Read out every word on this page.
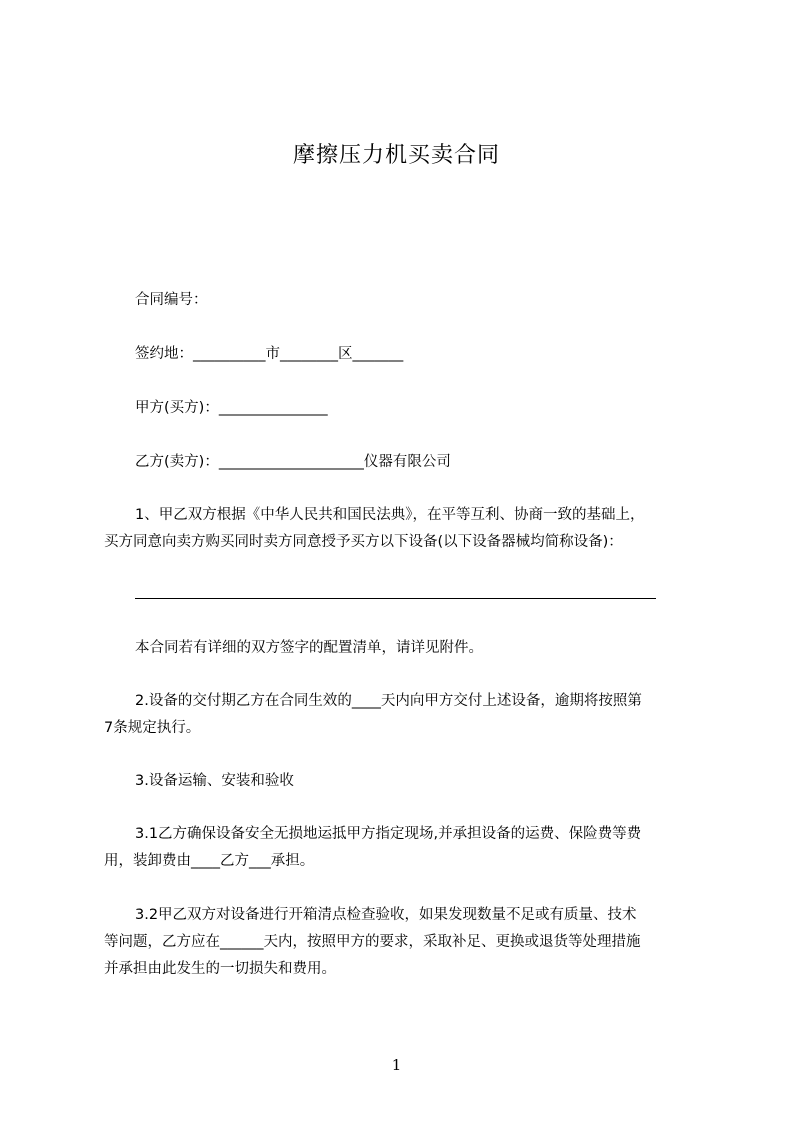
摩擦压力机买卖合同
合同编号：
签约地：__________市________区_______
甲方(买方)：_______________
乙方(卖方)：____________________仪器有限公司
1、甲乙双方根据《中华人民共和国民法典》，在平等互利、协商一致的基础上，
买方同意向卖方购买同时卖方同意授予买方以下设备(以下设备器械均简称设备)：
本合同若有详细的双方签字的配置清单，请详见附件。
2.设备的交付期乙方在合同生效的____天内向甲方交付上述设备，逾期将按照第
7条规定执行。
3.设备运输、安装和验收
3.1乙方确保设备安全无损地运抵甲方指定现场,并承担设备的运费、保险费等费
用，装卸费由____乙方___承担。
3.2甲乙双方对设备进行开箱清点检查验收，如果发现数量不足或有质量、技术
等问题，乙方应在______天内，按照甲方的要求，采取补足、更换或退货等处理措施
并承担由此发生的一切损失和费用。
1
